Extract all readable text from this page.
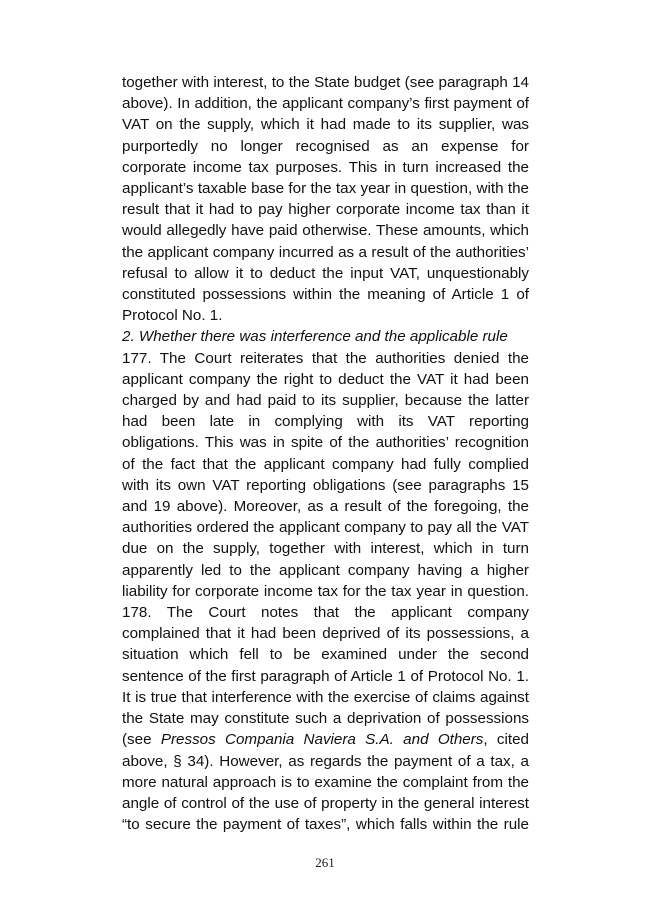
together with interest, to the State budget (see paragraph 14 above). In addition, the applicant company’s first payment of VAT on the supply, which it had made to its supplier, was purportedly no longer recognised as an expense for corporate income tax purposes. This in turn increased the applicant’s taxable base for the tax year in question, with the result that it had to pay higher corporate income tax than it would allegedly have paid otherwise. These amounts, which the applicant company incurred as a result of the authorities’ refusal to allow it to deduct the input VAT, unquestionably constituted possessions within the meaning of Article 1 of Protocol No. 1.

2. Whether there was interference and the applicable rule

177. The Court reiterates that the authorities denied the applicant company the right to deduct the VAT it had been charged by and had paid to its supplier, because the latter had been late in complying with its VAT reporting obligations. This was in spite of the authorities’ recognition of the fact that the applicant company had fully complied with its own VAT reporting obligations (see paragraphs 15 and 19 above). Moreover, as a result of the foregoing, the authorities ordered the applicant company to pay all the VAT due on the supply, together with interest, which in turn apparently led to the applicant company having a higher liability for corporate income tax for the tax year in question.

178. The Court notes that the applicant company complained that it had been deprived of its possessions, a situation which fell to be examined under the second sentence of the first paragraph of Article 1 of Protocol No. 1. It is true that interference with the exercise of claims against the State may constitute such a deprivation of possessions (see Pressos Compania Naviera S.A. and Others, cited above, § 34). However, as regards the payment of a tax, a more natural approach is to examine the complaint from the angle of control of the use of property in the general interest “to secure the payment of taxes”, which falls within the rule

261
